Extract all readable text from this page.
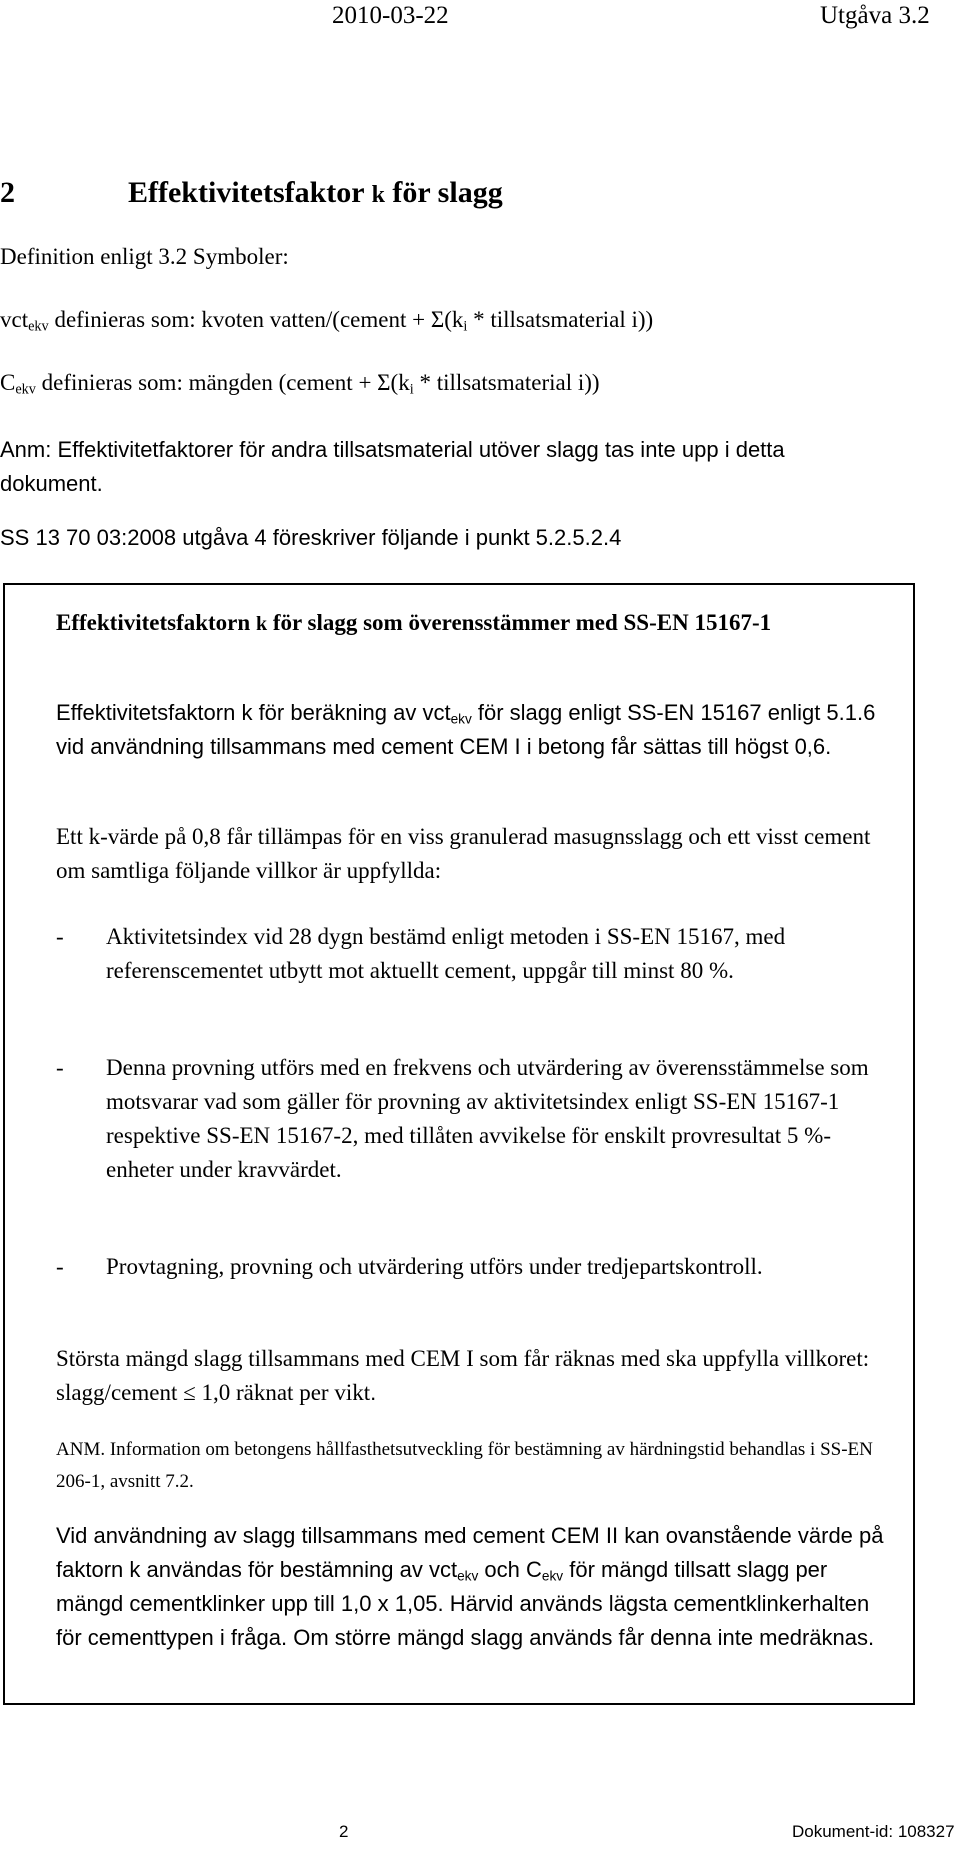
2010-03-22	Utgåva 3.2
2	Effektivitetsfaktor k för slagg
Definition enligt 3.2 Symboler:
vct$_{ekv}$ definieras som: kvoten vatten/(cement + $\Sigma(k_i$ * tillsatsmaterial i))
$C_{ekv}$ definieras som: mängden (cement + $\Sigma(k_i$ * tillsatsmaterial i))
Anm: Effektivitetfaktorer för andra tillsatsmaterial utöver slagg tas inte upp i detta dokument.
SS 13 70 03:2008 utgåva 4 föreskriver följande i punkt 5.2.5.2.4
Effektivitetsfaktorn k för slagg som överensstämmer med SS-EN 15167-1
Effektivitetsfaktorn k för beräkning av vct$_{ekv}$ för slagg enligt SS-EN 15167 enligt 5.1.6 vid användning tillsammans med cement CEM I i betong får sättas till högst 0,6.
Ett k-värde på 0,8 får tillämpas för en viss granulerad masugnsslagg och ett visst cement om samtliga följande villkor är uppfyllda:
- Aktivitetsindex vid 28 dygn bestämd enligt metoden i SS-EN 15167, med referenscementet utbytt mot aktuellt cement, uppgår till minst 80 %.
- Denna provning utförs med en frekvens och utvärdering av överensstämmelse som motsvarar vad som gäller för provning av aktivitetsindex enligt SS-EN 15167-1 respektive SS-EN 15167-2, med tillåten avvikelse för enskilt provresultat 5 %-enheter under kravvärdet.
- Provtagning, provning och utvärdering utförs under tredjepartskontroll.
Största mängd slagg tillsammans med CEM I som får räknas med ska uppfylla villkoret: slagg/cement ≤ 1,0 räknat per vikt.
ANM. Information om betongens hållfasthetsutveckling för bestämning av härdningstid behandlas i SS-EN 206-1, avsnitt 7.2.
Vid användning av slagg tillsammans med cement CEM II kan ovanstående värde på faktorn k användas för bestämning av vct$_{ekv}$ och $C_{ekv}$ för mängd tillsatt slagg per mängd cementklinker upp till 1,0 x 1,05. Härvid används lägsta cementklinkerhalten för cementtypen i fråga. Om större mängd slagg används får denna inte medräknas.
2	Dokument-id: 108327
